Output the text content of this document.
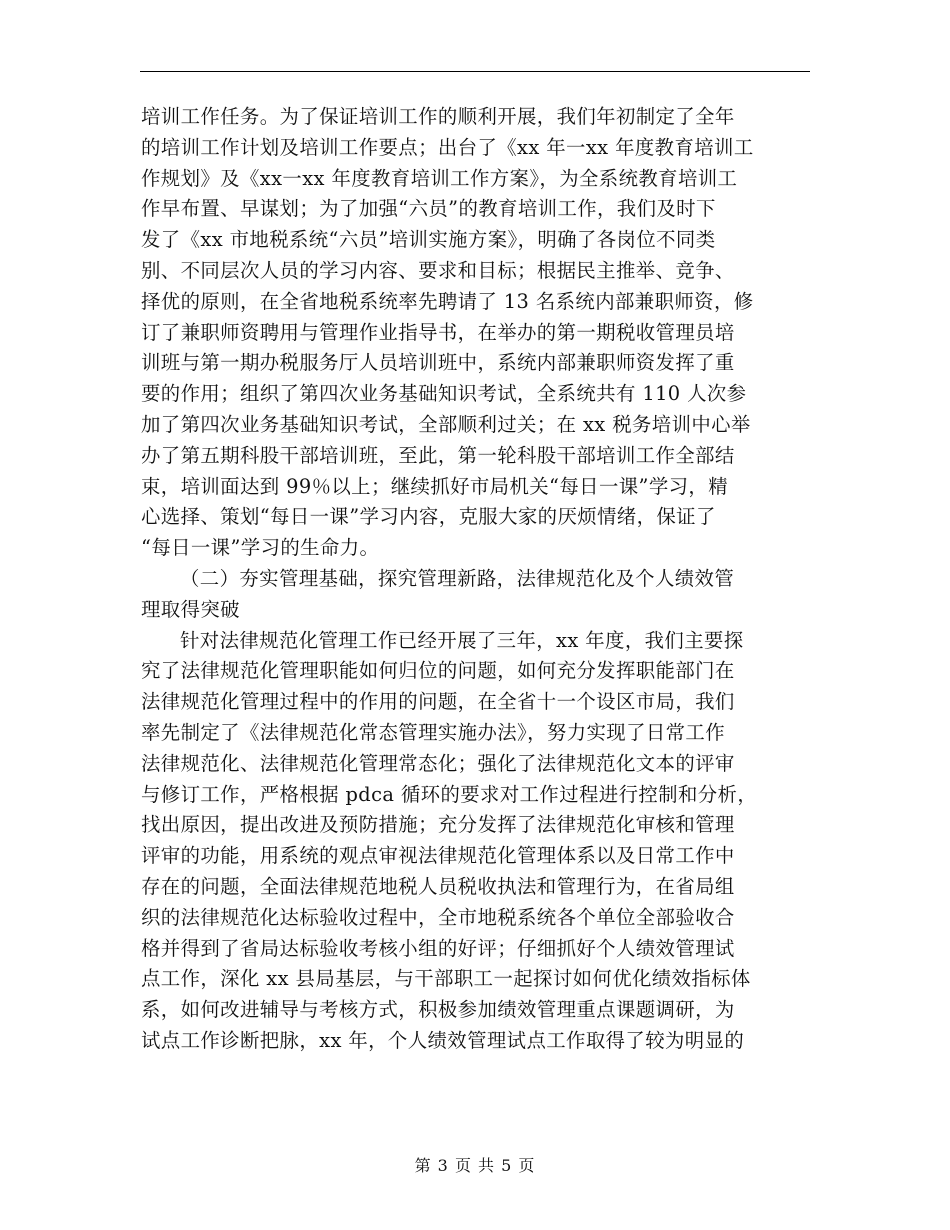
培训工作任务。为了保证培训工作的顺利开展，我们年初制定了全年
的培训工作计划及培训工作要点；出台了《xx 年一xx 年度教育培训工
作规划》及《xx一xx 年度教育培训工作方案》，为全系统教育培训工
作早布置、早谋划；为了加强“六员”的教育培训工作，我们及时下
发了《xx 市地税系统“六员”培训实施方案》，明确了各岗位不同类
别、不同层次人员的学习内容、要求和目标；根据民主推举、竞争、
择优的原则，在全省地税系统率先聘请了 13 名系统内部兼职师资，修
订了兼职师资聘用与管理作业指导书，在举办的第一期税收管理员培
训班与第一期办税服务厅人员培训班中，系统内部兼职师资发挥了重
要的作用；组织了第四次业务基础知识考试，全系统共有 110 人次参
加了第四次业务基础知识考试，全部顺利过关；在 xx 税务培训中心举
办了第五期科股干部培训班，至此，第一轮科股干部培训工作全部结
束，培训面达到 99％以上；继续抓好市局机关“每日一课”学习，精
心选择、策划“每日一课”学习内容，克服大家的厌烦情绪，保证了
“每日一课”学习的生命力。
（二）夯实管理基础，探究管理新路，法律规范化及个人绩效管
理取得突破
针对法律规范化管理工作已经开展了三年，xx 年度，我们主要探
究了法律规范化管理职能如何归位的问题，如何充分发挥职能部门在
法律规范化管理过程中的作用的问题，在全省十一个设区市局，我们
率先制定了《法律规范化常态管理实施办法》，努力实现了日常工作
法律规范化、法律规范化管理常态化；强化了法律规范化文本的评审
与修订工作，严格根据 pdca 循环的要求对工作过程进行控制和分析，
找出原因，提出改进及预防措施；充分发挥了法律规范化审核和管理
评审的功能，用系统的观点审视法律规范化管理体系以及日常工作中
存在的问题，全面法律规范地税人员税收执法和管理行为，在省局组
织的法律规范化达标验收过程中，全市地税系统各个单位全部验收合
格并得到了省局达标验收考核小组的好评；仔细抓好个人绩效管理试
点工作，深化 xx 县局基层，与干部职工一起探讨如何优化绩效指标体
系，如何改进辅导与考核方式，积极参加绩效管理重点课题调研，为
试点工作诊断把脉，xx 年，个人绩效管理试点工作取得了较为明显的
第 3 页 共 5 页
